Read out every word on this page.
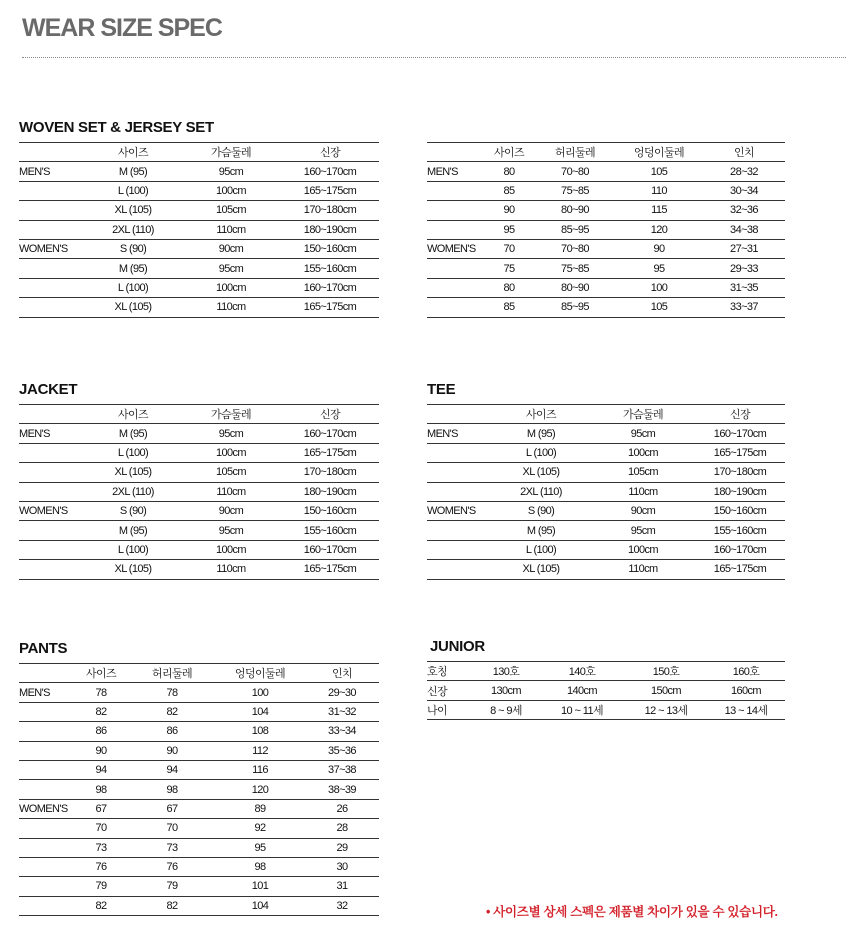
WEAR SIZE SPEC
WOVEN SET & JERSEY SET
JACKET	TEE
PANTS	JUNIOR
	사이즈	가슴둘레	신장
MEN'S	M (95)	95cm	160~170cm
	L (100)	100cm	165~175cm
	XL (105)	105cm	170~180cm
	2XL (110)	110cm	180~190cm
WOMEN'S	S (90)	90cm	150~160cm
	M (95)	95cm	155~160cm
	L (100)	100cm	160~170cm
	XL (105)	110cm	165~175cm
	사이즈	허리둘레	엉덩이둘레	인치
MEN'S	80	70~80	105	28~32
	85	75~85	110	30~34
	90	80~90	115	32~36
	95	85~95	120	34~38
WOMEN'S	70	70~80	90	27~31
	75	75~85	95	29~33
	80	80~90	100	31~35
	85	85~95	105	33~37
	사이즈	가슴둘레	신장
MEN'S	M (95)	95cm	160~170cm
	L (100)	100cm	165~175cm
	XL (105)	105cm	170~180cm
	2XL (110)	110cm	180~190cm
WOMEN'S	S (90)	90cm	150~160cm
	M (95)	95cm	155~160cm
	L (100)	100cm	160~170cm
	XL (105)	110cm	165~175cm
	사이즈	가슴둘레	신장
MEN'S	M (95)	95cm	160~170cm
	L (100)	100cm	165~175cm
	XL (105)	105cm	170~180cm
	2XL (110)	110cm	180~190cm
WOMEN'S	S (90)	90cm	150~160cm
	M (95)	95cm	155~160cm
	L (100)	100cm	160~170cm
	XL (105)	110cm	165~175cm
	사이즈	허리둘레	엉덩이둘레	인치
MEN'S	78	78	100	29~30
	82	82	104	31~32
	86	86	108	33~34
	90	90	112	35~36
	94	94	116	37~38
	98	98	120	38~39
WOMEN'S	67	67	89	26
	70	70	92	28
	73	73	95	29
	76	76	98	30
	79	79	101	31
	82	82	104	32
호칭	130호	140호	150호	160호
신장	130cm	140cm	150cm	160cm
나이	8 ~ 9세	10 ~ 11세	12 ~ 13세	13 ~ 14세
• 사이즈별 상세 스펙은 제품별 차이가 있을 수 있습니다.
